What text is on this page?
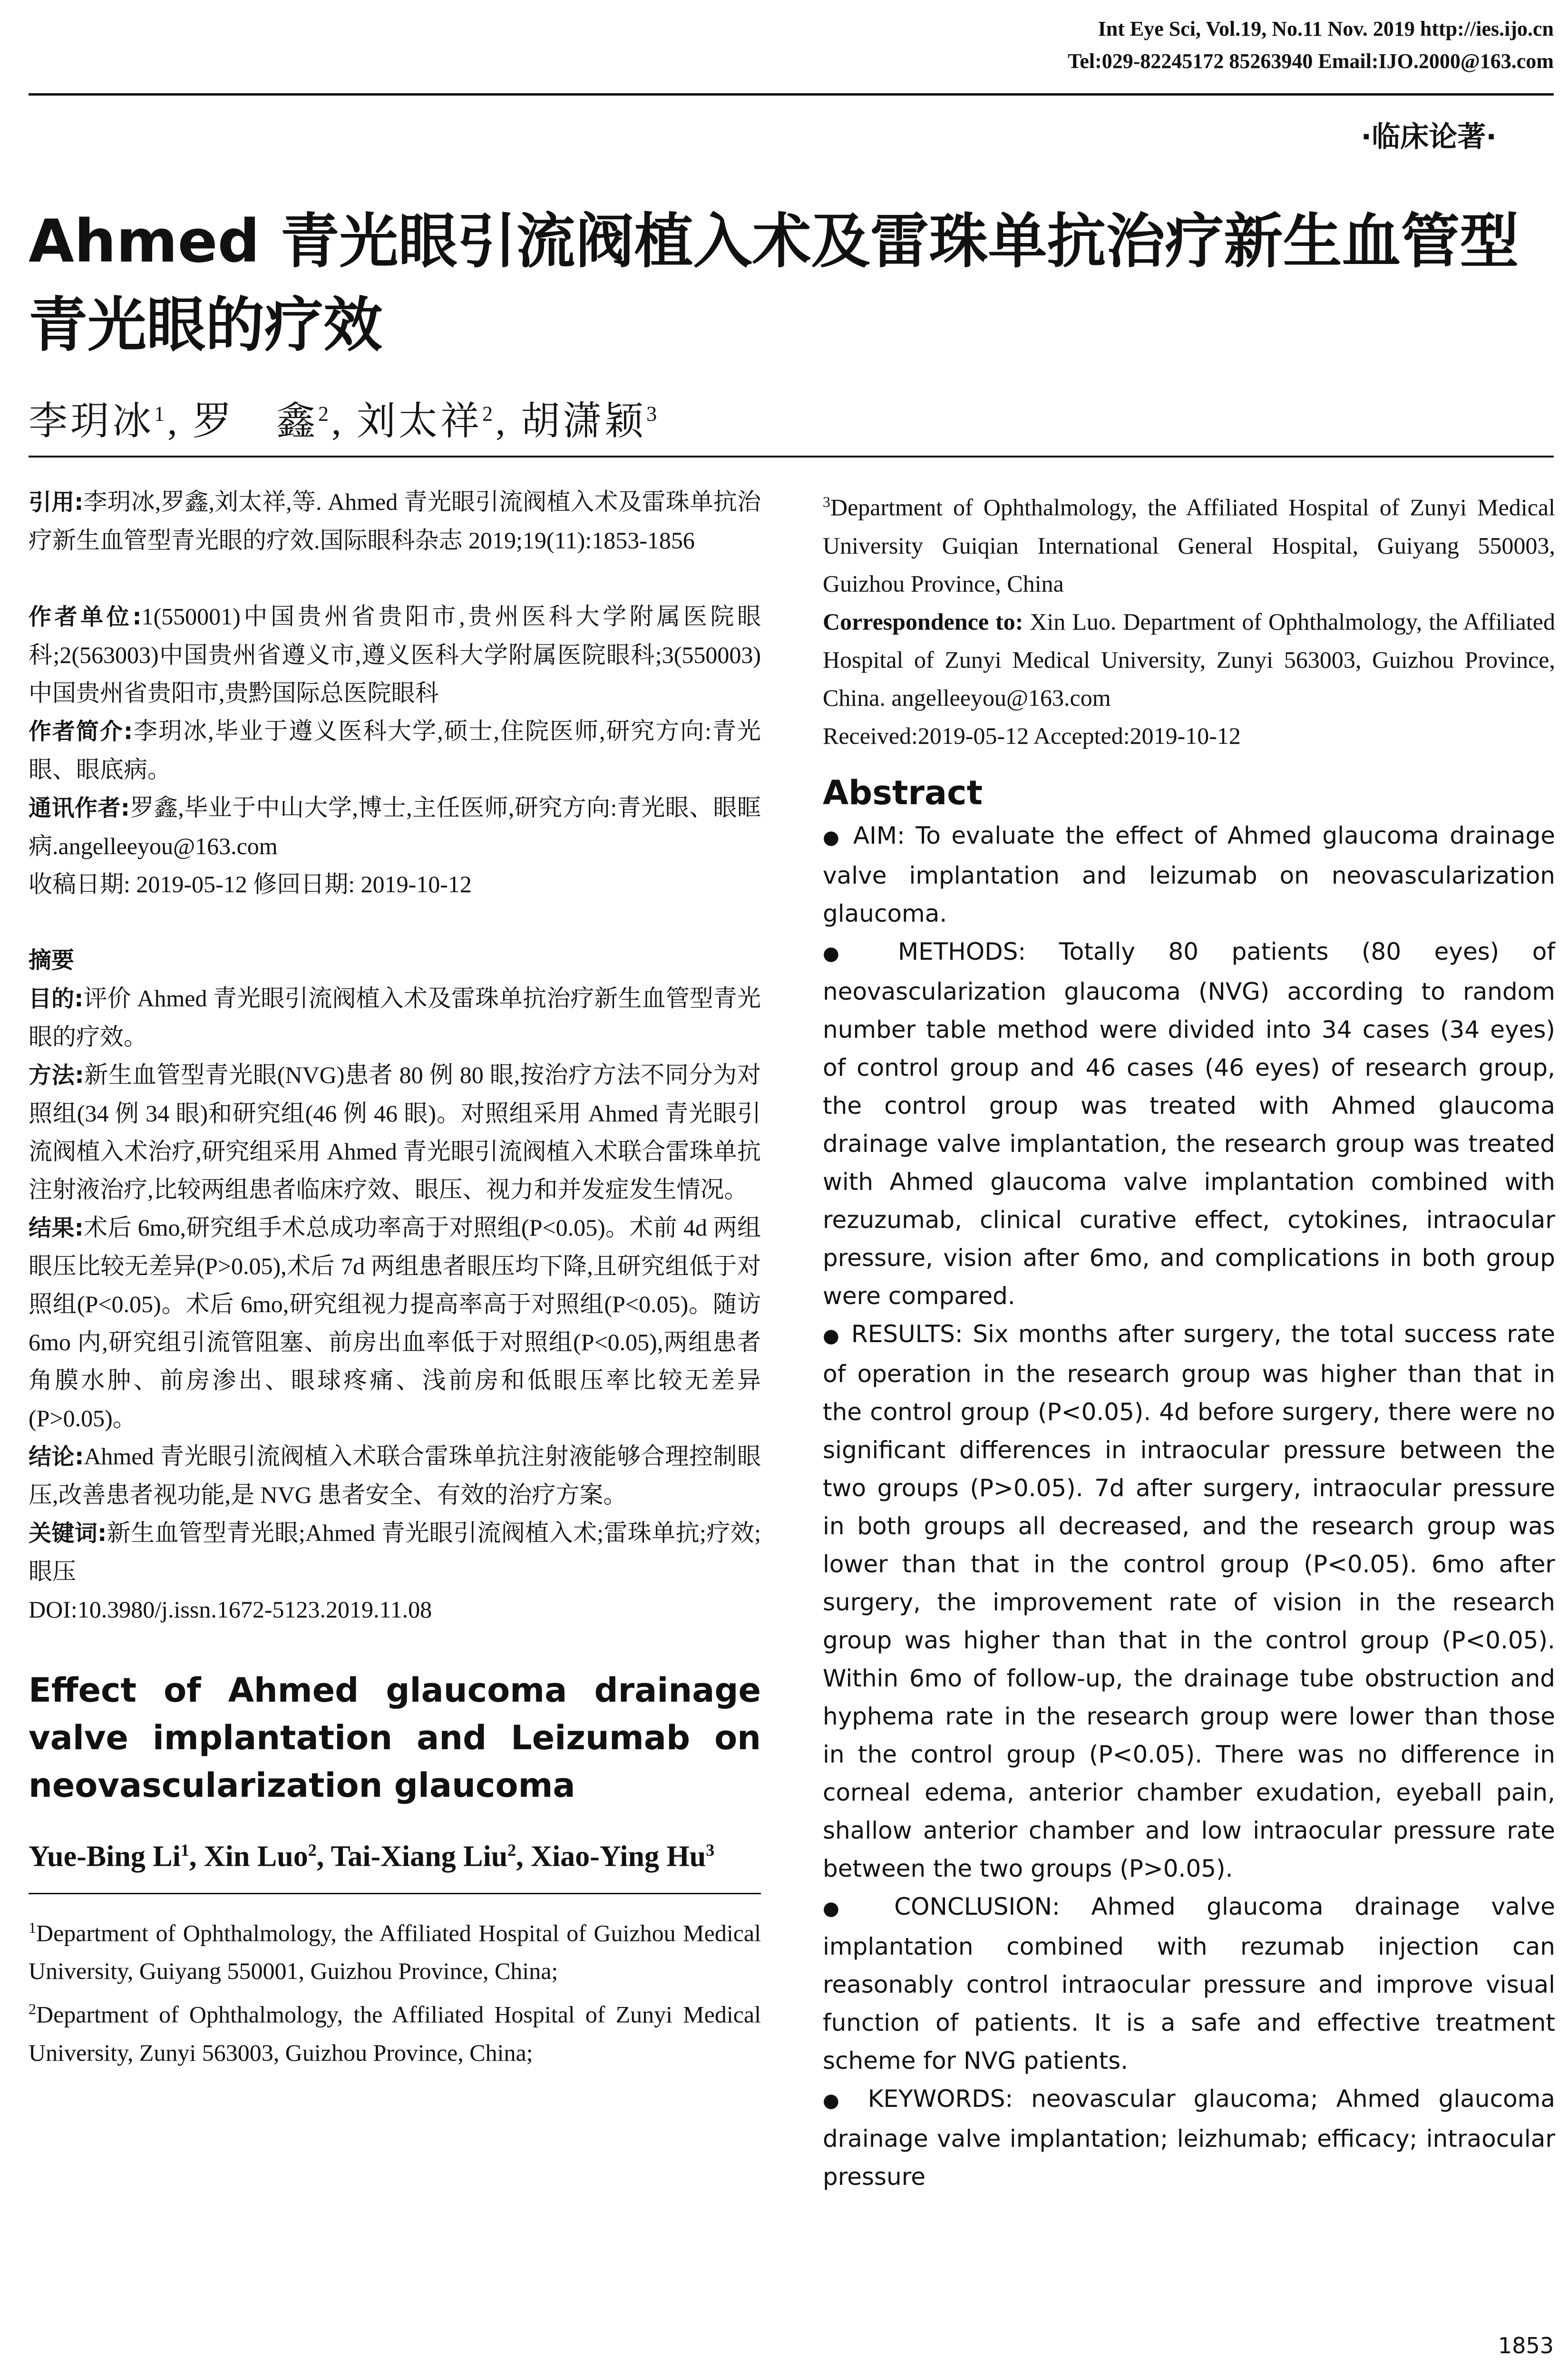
Int Eye Sci, Vol.19, No.11 Nov. 2019 http://ies.ijo.cn
Tel:029-82245172 85263940 Email:IJO.2000@163.com
·临床论著·
Ahmed 青光眼引流阀植入术及雷珠单抗治疗新生血管型青光眼的疗效
李玥冰$^1$, 罗　鑫$^2$, 刘太祥$^2$, 胡潇颖$^3$

引用:李玥冰,罗鑫,刘太祥,等. Ahmed 青光眼引流阀植入术及雷珠单抗治疗新生血管型青光眼的疗效.国际眼科杂志 2019;19(11):1853-1856

作者单位:1(550001)中国贵州省贵阳市,贵州医科大学附属医院眼科;2(563003)中国贵州省遵义市,遵义医科大学附属医院眼科;3(550003)中国贵州省贵阳市,贵黔国际总医院眼科

作者简介:李玥冰,毕业于遵义医科大学,硕士,住院医师,研究方向:青光眼、眼底病。

通讯作者:罗鑫,毕业于中山大学,博士,主任医师,研究方向:青光眼、眼眶病.angelleeyou@163.com

收稿日期: 2019-05-12 修回日期: 2019-10-12

摘要

目的:评价 Ahmed 青光眼引流阀植入术及雷珠单抗治疗新生血管型青光眼的疗效。

方法:新生血管型青光眼(NVG)患者 80 例 80 眼,按治疗方法不同分为对照组(34 例 34 眼)和研究组(46 例 46 眼)。对照组采用 Ahmed 青光眼引流阀植入术治疗,研究组采用 Ahmed 青光眼引流阀植入术联合雷珠单抗注射液治疗,比较两组患者临床疗效、眼压、视力和并发症发生情况。

结果:术后 6mo,研究组手术总成功率高于对照组(P<0.05)。术前 4d 两组眼压比较无差异(P>0.05),术后 7d 两组患者眼压均下降,且研究组低于对照组(P<0.05)。术后 6mo,研究组视力提高率高于对照组(P<0.05)。随访 6mo 内,研究组引流管阻塞、前房出血率低于对照组(P<0.05),两组患者角膜水肿、前房渗出、眼球疼痛、浅前房和低眼压率比较无差异(P>0.05)。

结论:Ahmed 青光眼引流阀植入术联合雷珠单抗注射液能够合理控制眼压,改善患者视功能,是 NVG 患者安全、有效的治疗方案。

关键词:新生血管型青光眼;Ahmed 青光眼引流阀植入术;雷珠单抗;疗效;眼压

DOI:10.3980/j.issn.1672-5123.2019.11.08

Effect of Ahmed glaucoma drainage valve implantation and Leizumab on neovascularization glaucoma

Yue-Bing Li$^1$, Xin Luo$^2$, Tai-Xiang Liu$^2$, Xiao-Ying Hu$^3$

$^1$Department of Ophthalmology, the Affiliated Hospital of Guizhou Medical University, Guiyang 550001, Guizhou Province, China;

$^2$Department of Ophthalmology, the Affiliated Hospital of Zunyi Medical University, Zunyi 563003, Guizhou Province, China;

$^3$Department of Ophthalmology, the Affiliated Hospital of Zunyi Medical University Guiqian International General Hospital, Guiyang 550003, Guizhou Province, China

Correspondence to: Xin Luo. Department of Ophthalmology, the Affiliated Hospital of Zunyi Medical University, Zunyi 563003, Guizhou Province, China. angelleeyou@163.com

Received:2019-05-12 Accepted:2019-10-12

Abstract

● AIM: To evaluate the effect of Ahmed glaucoma drainage valve implantation and leizumab on neovascularization glaucoma.

● METHODS: Totally 80 patients (80 eyes) of neovascularization glaucoma (NVG) according to random number table method were divided into 34 cases (34 eyes) of control group and 46 cases (46 eyes) of research group, the control group was treated with Ahmed glaucoma drainage valve implantation, the research group was treated with Ahmed glaucoma valve implantation combined with rezuzumab, clinical curative effect, cytokines, intraocular pressure, vision after 6mo, and complications in both group were compared.

● RESULTS: Six months after surgery, the total success rate of operation in the research group was higher than that in the control group (P<0.05). 4d before surgery, there were no significant differences in intraocular pressure between the two groups (P>0.05). 7d after surgery, intraocular pressure in both groups all decreased, and the research group was lower than that in the control group (P<0.05). 6mo after surgery, the improvement rate of vision in the research group was higher than that in the control group (P<0.05). Within 6mo of follow-up, the drainage tube obstruction and hyphema rate in the research group were lower than those in the control group (P<0.05). There was no difference in corneal edema, anterior chamber exudation, eyeball pain, shallow anterior chamber and low intraocular pressure rate between the two groups (P>0.05).

● CONCLUSION: Ahmed glaucoma drainage valve implantation combined with rezumab injection can reasonably control intraocular pressure and improve visual function of patients. It is a safe and effective treatment scheme for NVG patients.

● KEYWORDS: neovascular glaucoma; Ahmed glaucoma drainage valve implantation; leizhumab; efficacy; intraocular pressure

1853
